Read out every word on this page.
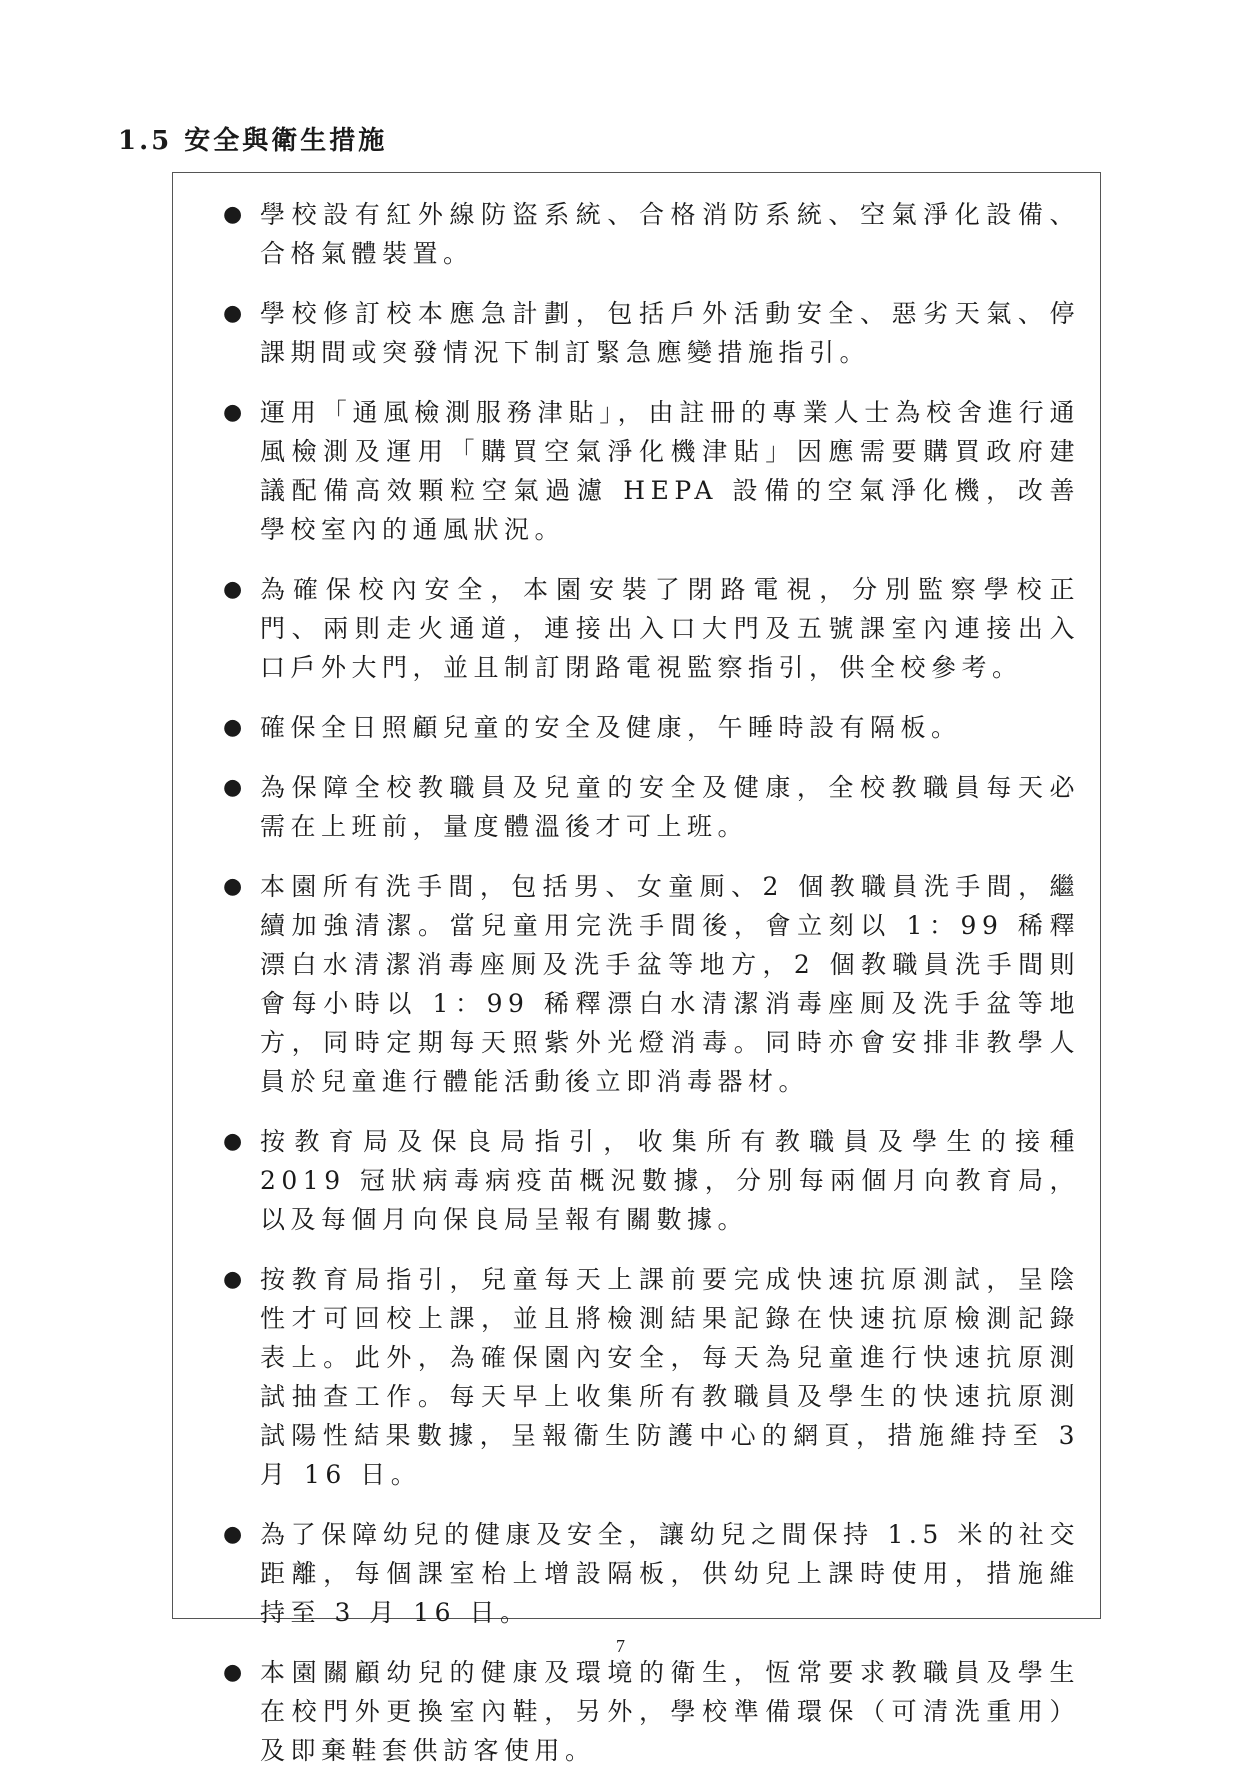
1.5 安全與衛生措施
● 學校設有紅外線防盜系統、合格消防系統、空氣淨化設備、合格氣體裝置。
● 學校修訂校本應急計劃，包括戶外活動安全、惡劣天氣、停課期間或突發情況下制訂緊急應變措施指引。
● 運用「通風檢測服務津貼」，由註冊的專業人士為校舍進行通風檢測及運用「購買空氣淨化機津貼」因應需要購買政府建議配備高效顆粒空氣過濾 HEPA 設備的空氣淨化機，改善學校室內的通風狀況。
● 為確保校內安全，本園安裝了閉路電視，分別監察學校正門、兩則走火通道，連接出入口大門及五號課室內連接出入口戶外大門，並且制訂閉路電視監察指引，供全校參考。
● 確保全日照顧兒童的安全及健康，午睡時設有隔板。
● 為保障全校教職員及兒童的安全及健康，全校教職員每天必需在上班前，量度體溫後才可上班。
● 本園所有洗手間，包括男、女童厠、2 個教職員洗手間，繼續加強清潔。當兒童用完洗手間後，會立刻以 1：99 稀釋漂白水清潔消毒座厠及洗手盆等地方，2 個教職員洗手間則會每小時以 1：99 稀釋漂白水清潔消毒座厠及洗手盆等地方，同時定期每天照紫外光燈消毒。同時亦會安排非教學人員於兒童進行體能活動後立即消毒器材。
● 按教育局及保良局指引，收集所有教職員及學生的接種 2019 冠狀病毒病疫苗概況數據，分別每兩個月向教育局，以及每個月向保良局呈報有關數據。
● 按教育局指引，兒童每天上課前要完成快速抗原測試，呈陰性才可回校上課，並且將檢測結果記錄在快速抗原檢測記錄表上。此外，為確保園內安全，每天為兒童進行快速抗原測試抽查工作。每天早上收集所有教職員及學生的快速抗原測試陽性結果數據，呈報衞生防護中心的網頁，措施維持至 3 月 16 日。
● 為了保障幼兒的健康及安全，讓幼兒之間保持 1.5 米的社交距離，每個課室枱上增設隔板，供幼兒上課時使用，措施維持至 3 月 16 日。
● 本園關顧幼兒的健康及環境的衛生，恆常要求教職員及學生在校門外更換室內鞋，另外，學校準備環保（可清洗重用）及即棄鞋套供訪客使用。
7
